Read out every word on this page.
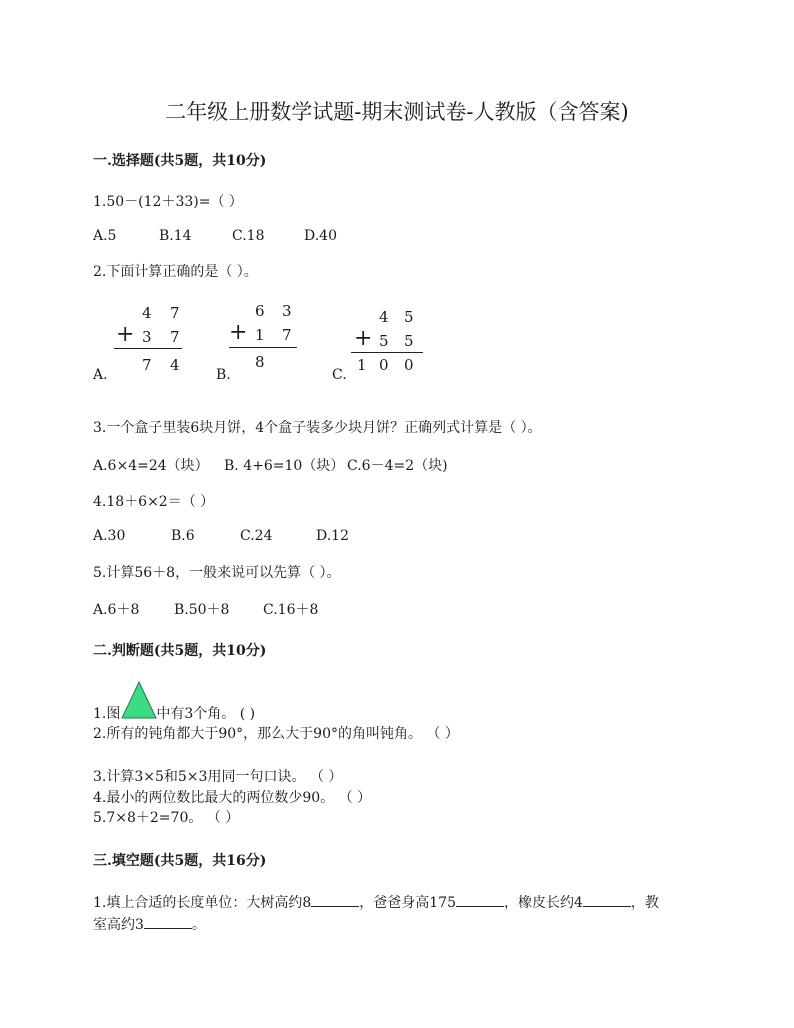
二年级上册数学试题-期末测试卷-人教版（含答案)
一.选择题(共5题，共10分)
1.50－(12＋33)=（ ）
A.5	B.14	C.18	D.40
2.下面计算正确的是（ ）。
4 7
+ 3 7
7 4
A.
6 3
+ 1 7
8
B.
4 5
+ 5 5
1 0 0
C.
3.一个盒子里装6块月饼，4个盒子装多少块月饼？正确列式计算是（ ）。
A.6×4=24（块） B. 4+6=10（块） C.6－4=2（块)
4.18＋6×2＝（ ）
A.30	B.6	C.24	D.12
5.计算56＋8，一般来说可以先算（ ）。
A.6＋8 B.50＋8 C.16＋8
二.判断题(共5题，共10分)
1.图	中有3个角。 ( )
2.所有的钝角都大于90°，那么大于90°的角叫钝角。 （ ）
3.计算3×5和5×3用同一句口诀。 （ ）
4.最小的两位数比最大的两位数少90。 （ ）
5.7×8＋2=70。 （ ）
三.填空题(共5题，共16分)
1.填上合适的长度单位：大树高约8	，爸爸身高175	，橡皮长约4	，教
室高约3	。
